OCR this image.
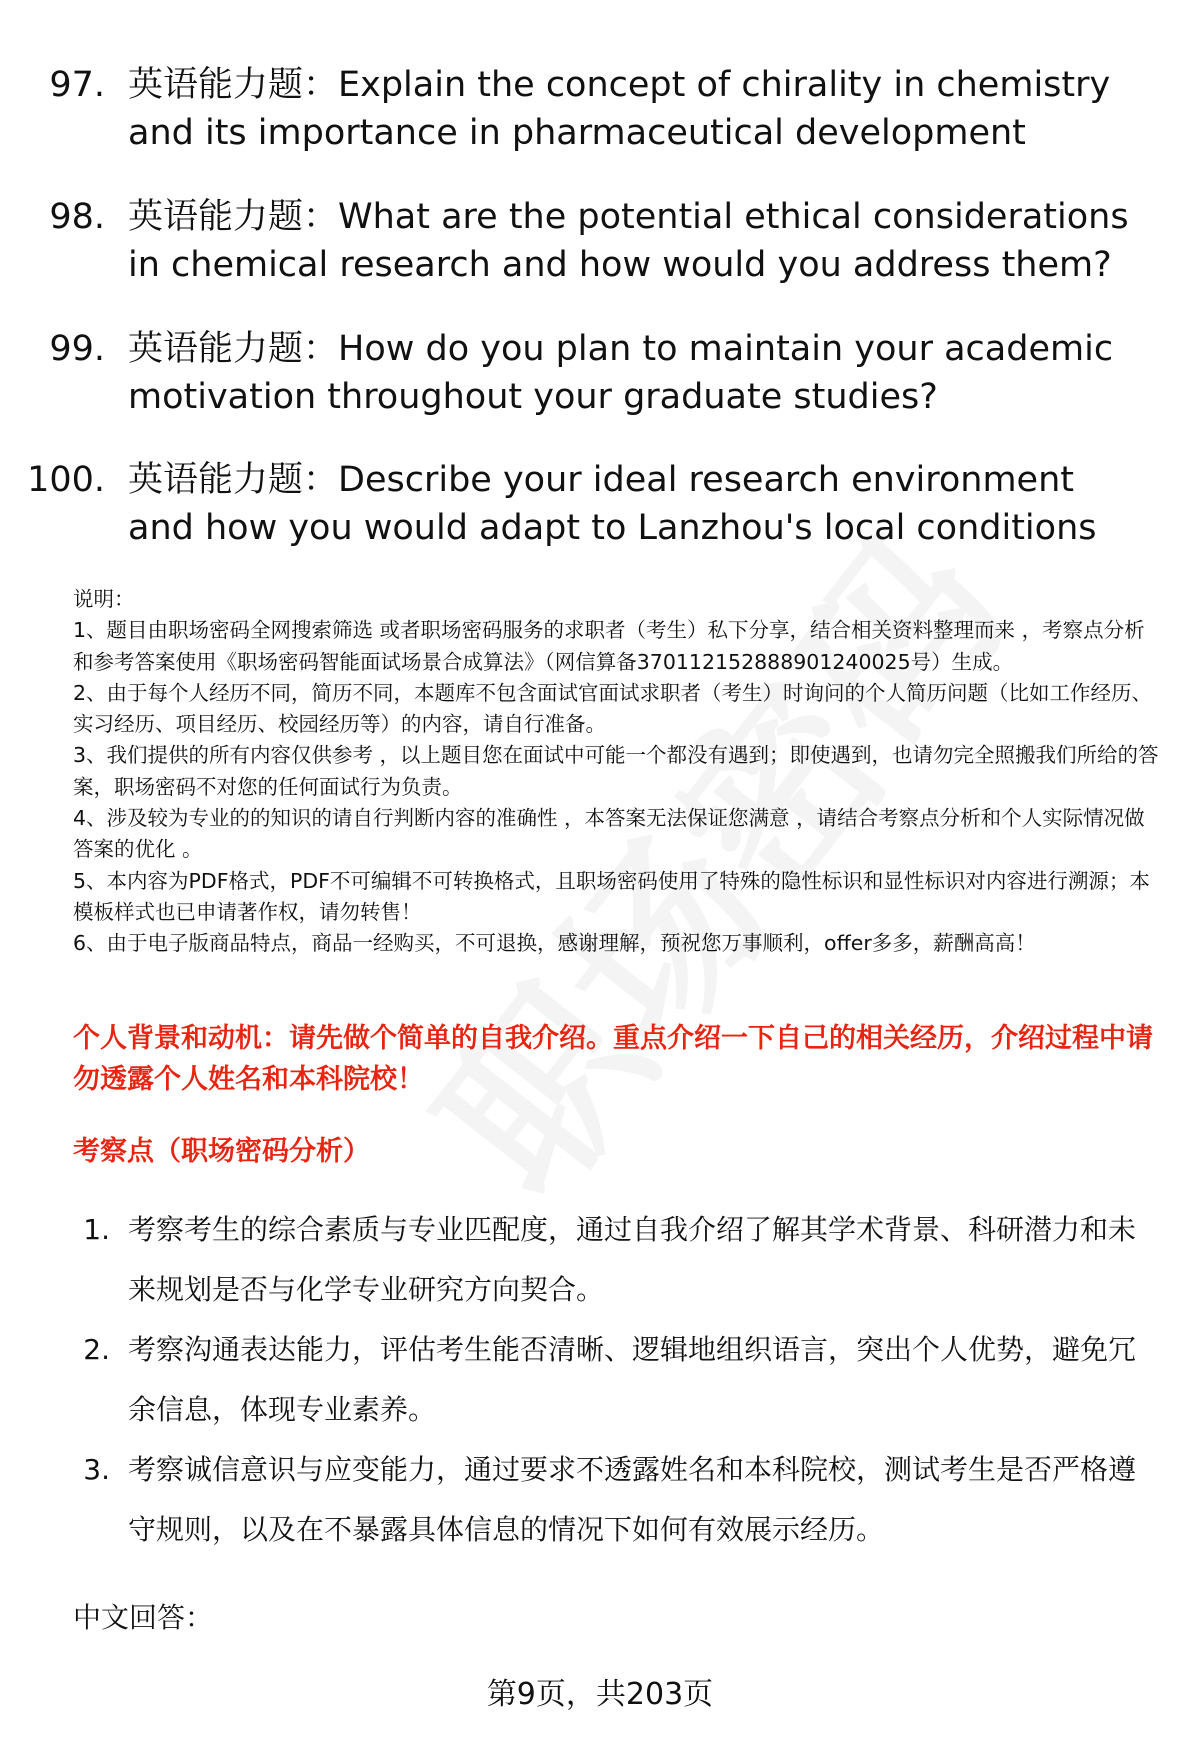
97. 英语能力题：Explain the concept of chirality in chemistry and its importance in pharmaceutical development
98. 英语能力题：What are the potential ethical considerations in chemical research and how would you address them?
99. 英语能力题：How do you plan to maintain your academic motivation throughout your graduate studies?
100. 英语能力题：Describe your ideal research environment and how you would adapt to Lanzhou's local conditions
说明：
1、题目由职场密码全网搜索筛选 或者职场密码服务的求职者（考生）私下分享，结合相关资料整理而来 ，考察点分析和参考答案使用《职场密码智能面试场景合成算法》（网信算备370112152888901240025号）生成。
2、由于每个人经历不同，简历不同，本题库不包含面试官面试求职者（考生）时询问的个人简历问题（比如工作经历、实习经历、项目经历、校园经历等）的内容，请自行准备。
3、我们提供的所有内容仅供参考 ，以上题目您在面试中可能一个都没有遇到；即使遇到，也请勿完全照搬我们所给的答案，职场密码不对您的任何面试行为负责。
4、涉及较为专业的的知识的请自行判断内容的准确性 ，本答案无法保证您满意 ，请结合考察点分析和个人实际情况做答案的优化 。
5、本内容为PDF格式，PDF不可编辑不可转换格式，且职场密码使用了特殊的隐性标识和显性标识对内容进行溯源；本模板样式也已申请著作权，请勿转售！
6、由于电子版商品特点，商品一经购买，不可退换，感谢理解，预祝您万事顺利，offer多多，薪酬高高！
个人背景和动机：请先做个简单的自我介绍。重点介绍一下自己的相关经历，介绍过程中请勿透露个人姓名和本科院校！
考察点（职场密码分析）
1. 考察考生的综合素质与专业匹配度，通过自我介绍了解其学术背景、科研潜力和未来规划是否与化学专业研究方向契合。
2. 考察沟通表达能力，评估考生能否清晰、逻辑地组织语言，突出个人优势，避免冗余信息，体现专业素养。
3. 考察诚信意识与应变能力，通过要求不透露姓名和本科院校，测试考生是否严格遵守规则，以及在不暴露具体信息的情况下如何有效展示经历。
中文回答：
第9页，共203页
